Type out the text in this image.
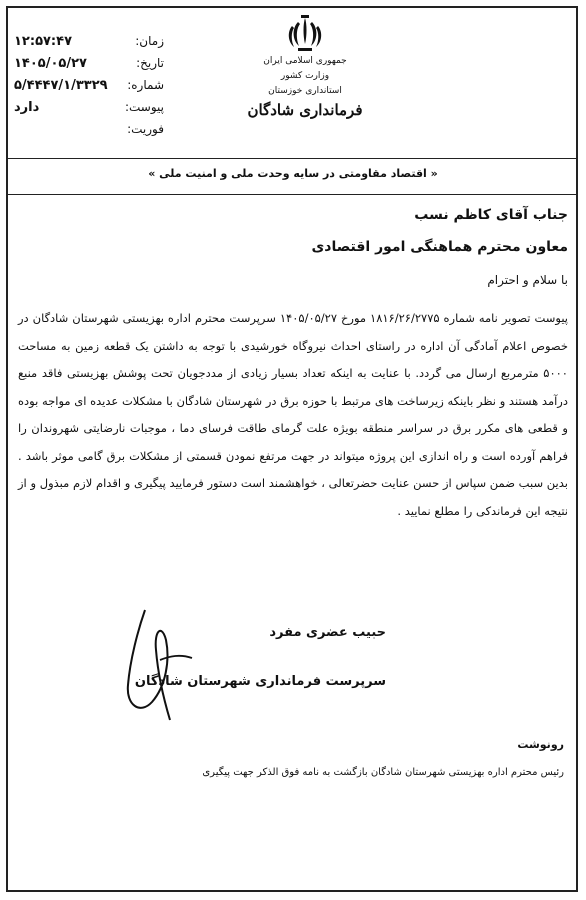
زمان:
۱۲:۵۷:۴۷
تاریخ:
۱۴۰۵/۰۵/۲۷
شماره:
۵/۴۴۴۷/۱/۳۳۲۹
پیوست:
دارد
فوریت:
جمهوری اسلامی ایران
وزارت کشور
استانداری خوزستان
فرمانداری شادگان
« اقتصاد مقاومتی در سایه وحدت ملی و امنیت ملی »
جناب آقای کاظم نسب
معاون محترم هماهنگی امور اقتصادی
با سلام و احترام
پیوست تصویر نامه شماره ۱۸۱۶/۲۶/۲۷۷۵ مورخ ۱۴۰۵/۰۵/۲۷ سرپرست محترم اداره بهزیستی شهرستان شادگان در خصوص اعلام آمادگی آن اداره در راستای احداث نیروگاه خورشیدی با توجه به داشتن یک قطعه زمین به مساحت ۵۰۰۰ مترمربع ارسال می گردد. با عنایت به اینکه تعداد بسیار زیادی از مددجویان تحت پوشش بهزیستی فاقد منبع درآمد هستند و نظر باینکه زیرساخت های مرتبط با حوزه برق در شهرستان شادگان با مشکلات عدیده ای مواجه بوده و قطعی های مکرر برق در سراسر منطقه بویژه علت گرمای طاقت فرسای دما ، موجبات نارضایتی شهروندان را فراهم آورده است و راه اندازی این پروژه میتواند در جهت مرتفع نمودن قسمتی از مشکلات برق گامی موثر باشد . بدین سبب ضمن سپاس از حسن عنایت حضرتعالی ، خواهشمند است دستور فرمایید پیگیری و اقدام لازم مبذول و از نتیجه این فرماندکی را مطلع نمایید .
حبیب عضری مفرد
سرپرست فرمانداری شهرستان شادگان
رونوشت
رئیس محترم اداره بهزیستی شهرستان شادگان بازگشت به نامه فوق الذکر جهت پیگیری
